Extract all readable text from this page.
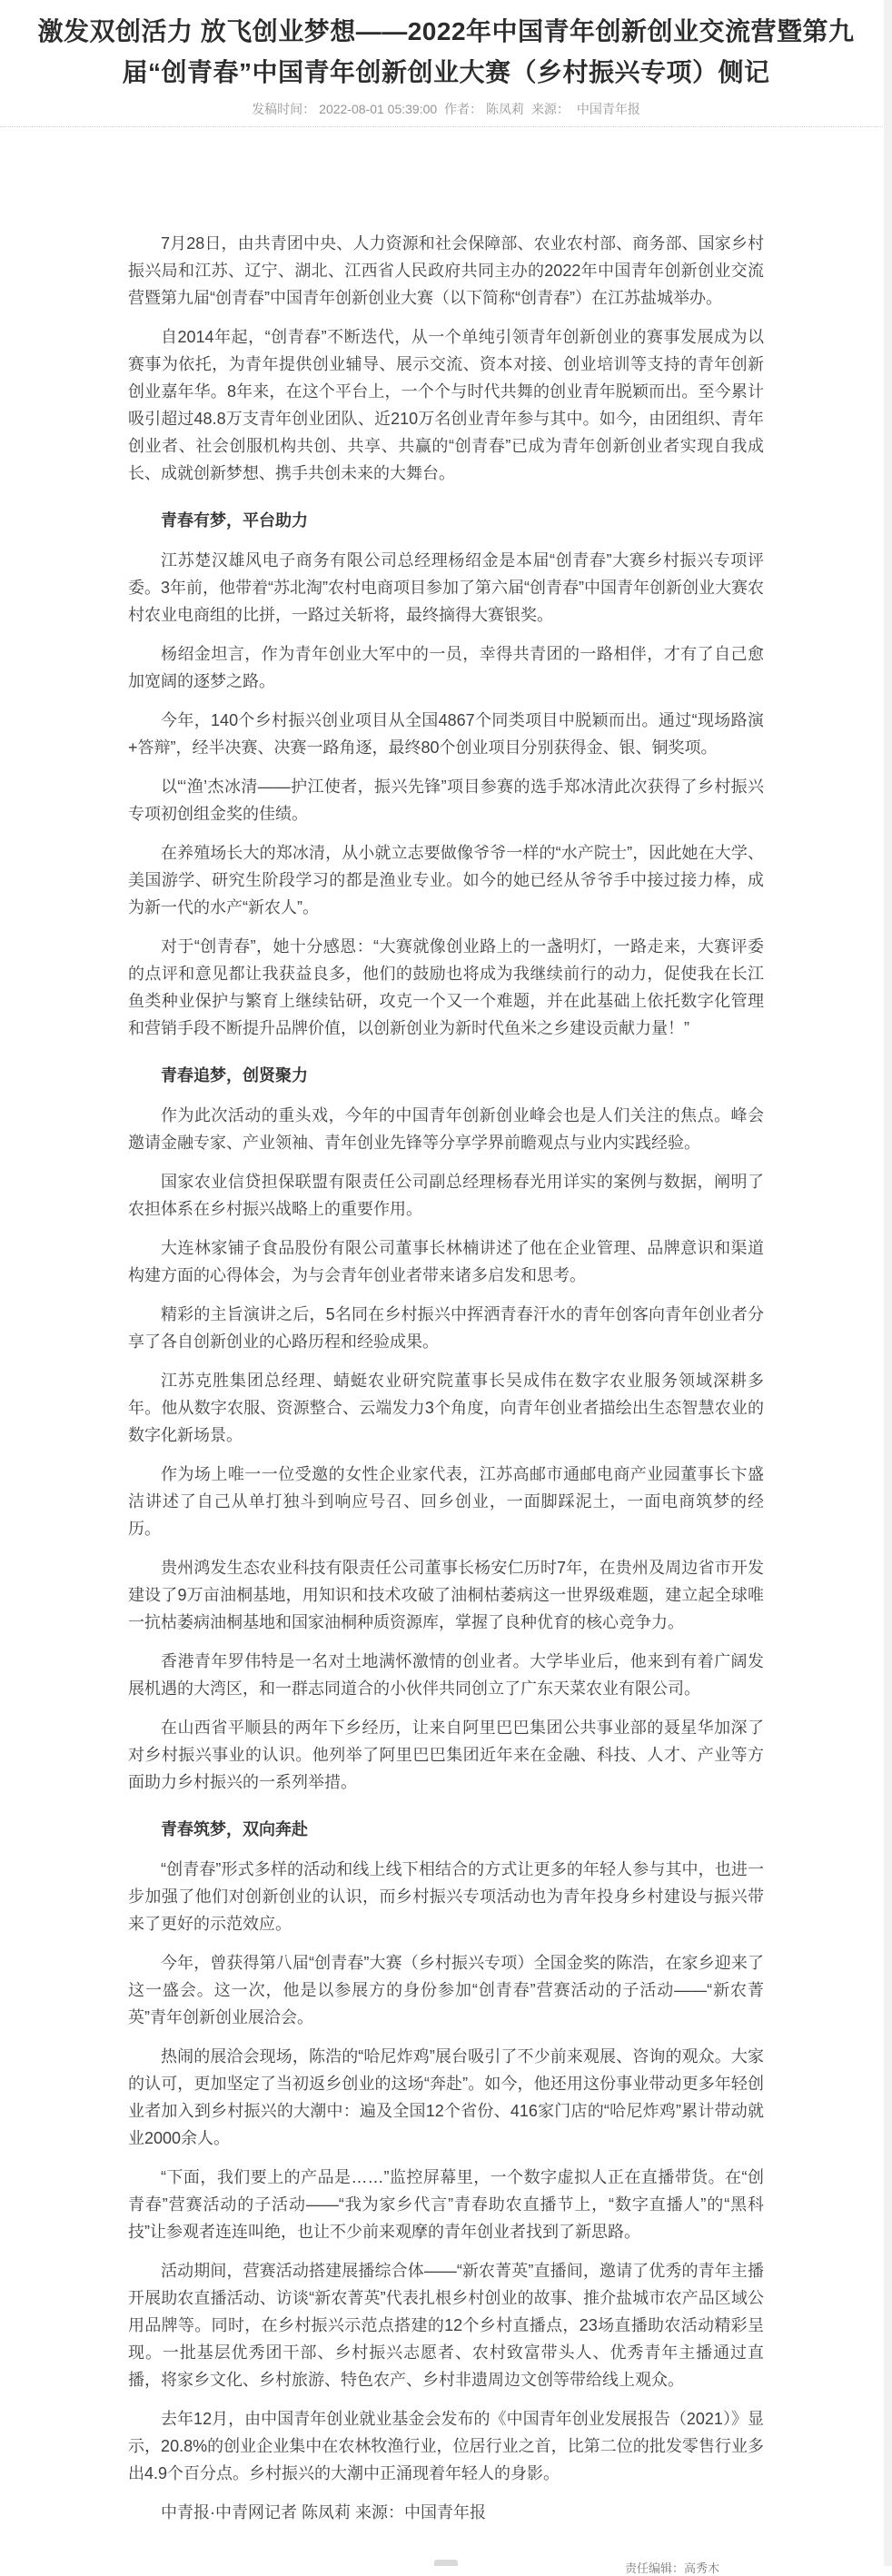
激发双创活力 放飞创业梦想——2022年中国青年创新创业交流营暨第九届“创青春”中国青年创新创业大赛（乡村振兴专项）侧记
发稿时间： 2022-08-01 05:39:00 作者： 陈凤莉 来源： 中国青年报

7月28日，由共青团中央、人力资源和社会保障部、农业农村部、商务部、国家乡村振兴局和江苏、辽宁、湖北、江西省人民政府共同主办的2022年中国青年创新创业交流营暨第九届“创青春”中国青年创新创业大赛（以下简称“创青春”）在江苏盐城举办。

自2014年起，“创青春”不断迭代，从一个单纯引领青年创新创业的赛事发展成为以赛事为依托，为青年提供创业辅导、展示交流、资本对接、创业培训等支持的青年创新创业嘉年华。8年来，在这个平台上，一个个与时代共舞的创业青年脱颖而出。至今累计吸引超过48.8万支青年创业团队、近210万名创业青年参与其中。如今，由团组织、青年创业者、社会创服机构共创、共享、共赢的“创青春”已成为青年创新创业者实现自我成长、成就创新梦想、携手共创未来的大舞台。

青春有梦，平台助力

江苏楚汉雄风电子商务有限公司总经理杨绍金是本届“创青春”大赛乡村振兴专项评委。3年前，他带着“苏北淘”农村电商项目参加了第六届“创青春”中国青年创新创业大赛农村农业电商组的比拼，一路过关斩将，最终摘得大赛银奖。

杨绍金坦言，作为青年创业大军中的一员，幸得共青团的一路相伴，才有了自己愈加宽阔的逐梦之路。

今年，140个乡村振兴创业项目从全国4867个同类项目中脱颖而出。通过“现场路演+答辩”，经半决赛、决赛一路角逐，最终80个创业项目分别获得金、银、铜奖项。

以“‘渔’杰冰清——护江使者，振兴先锋”项目参赛的选手郑冰清此次获得了乡村振兴专项初创组金奖的佳绩。

在养殖场长大的郑冰清，从小就立志要做像爷爷一样的“水产院士”，因此她在大学、美国游学、研究生阶段学习的都是渔业专业。如今的她已经从爷爷手中接过接力棒，成为新一代的水产“新农人”。

对于“创青春”，她十分感恩：“大赛就像创业路上的一盏明灯，一路走来，大赛评委的点评和意见都让我获益良多，他们的鼓励也将成为我继续前行的动力，促使我在长江鱼类种业保护与繁育上继续钻研，攻克一个又一个难题，并在此基础上依托数字化管理和营销手段不断提升品牌价值，以创新创业为新时代鱼米之乡建设贡献力量！”

青春追梦，创贤聚力

作为此次活动的重头戏，今年的中国青年创新创业峰会也是人们关注的焦点。峰会邀请金融专家、产业领袖、青年创业先锋等分享学界前瞻观点与业内实践经验。

国家农业信贷担保联盟有限责任公司副总经理杨春光用详实的案例与数据，阐明了农担体系在乡村振兴战略上的重要作用。

大连林家铺子食品股份有限公司董事长林楠讲述了他在企业管理、品牌意识和渠道构建方面的心得体会，为与会青年创业者带来诸多启发和思考。

精彩的主旨演讲之后，5名同在乡村振兴中挥洒青春汗水的青年创客向青年创业者分享了各自创新创业的心路历程和经验成果。

江苏克胜集团总经理、蜻蜓农业研究院董事长吴成伟在数字农业服务领域深耕多年。他从数字农服、资源整合、云端发力3个角度，向青年创业者描绘出生态智慧农业的数字化新场景。

作为场上唯一一位受邀的女性企业家代表，江苏高邮市通邮电商产业园董事长卞盛洁讲述了自己从单打独斗到响应号召、回乡创业，一面脚踩泥土，一面电商筑梦的经历。

贵州鸿发生态农业科技有限责任公司董事长杨安仁历时7年，在贵州及周边省市开发建设了9万亩油桐基地，用知识和技术攻破了油桐枯萎病这一世界级难题，建立起全球唯一抗枯萎病油桐基地和国家油桐种质资源库，掌握了良种优育的核心竞争力。

香港青年罗伟特是一名对土地满怀激情的创业者。大学毕业后，他来到有着广阔发展机遇的大湾区，和一群志同道合的小伙伴共同创立了广东天菜农业有限公司。

在山西省平顺县的两年下乡经历，让来自阿里巴巴集团公共事业部的聂星华加深了对乡村振兴事业的认识。他列举了阿里巴巴集团近年来在金融、科技、人才、产业等方面助力乡村振兴的一系列举措。

青春筑梦，双向奔赴

“创青春”形式多样的活动和线上线下相结合的方式让更多的年轻人参与其中，也进一步加强了他们对创新创业的认识，而乡村振兴专项活动也为青年投身乡村建设与振兴带来了更好的示范效应。

今年，曾获得第八届“创青春”大赛（乡村振兴专项）全国金奖的陈浩，在家乡迎来了这一盛会。这一次，他是以参展方的身份参加“创青春”营赛活动的子活动——“新农菁英”青年创新创业展洽会。

热闹的展洽会现场，陈浩的“哈尼炸鸡”展台吸引了不少前来观展、咨询的观众。大家的认可，更加坚定了当初返乡创业的这场“奔赴”。如今，他还用这份事业带动更多年轻创业者加入到乡村振兴的大潮中：遍及全国12个省份、416家门店的“哈尼炸鸡”累计带动就业2000余人。

“下面，我们要上的产品是……”监控屏幕里，一个数字虚拟人正在直播带货。在“创青春”营赛活动的子活动——“我为家乡代言”青春助农直播节上，“数字直播人”的“黑科技”让参观者连连叫绝，也让不少前来观摩的青年创业者找到了新思路。

活动期间，营赛活动搭建展播综合体——“新农菁英”直播间，邀请了优秀的青年主播开展助农直播活动、访谈“新农菁英”代表扎根乡村创业的故事、推介盐城市农产品区域公用品牌等。同时，在乡村振兴示范点搭建的12个乡村直播点，23场直播助农活动精彩呈现。一批基层优秀团干部、乡村振兴志愿者、农村致富带头人、优秀青年主播通过直播，将家乡文化、乡村旅游、特色农产、乡村非遗周边文创等带给线上观众。

去年12月，由中国青年创业就业基金会发布的《中国青年创业发展报告（2021）》显示，20.8%的创业企业集中在农林牧渔行业，位居行业之首，比第二位的批发零售行业多出4.9个百分点。乡村振兴的大潮中正涌现着年轻人的身影。

中青报·中青网记者 陈凤莉 来源：中国青年报

责任编辑：高秀木
